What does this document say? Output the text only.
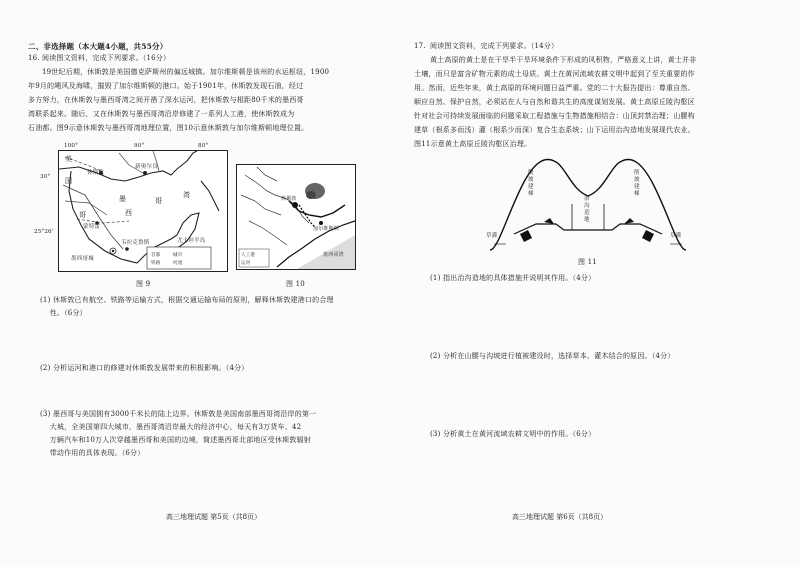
二、非选择题（本大题4小题，共55分）
16. 阅读图文资料，完成下列要求。（16分）
19世纪后期，休斯敦是美国德克萨斯州的偏远城镇。加尔维斯顿是该州的水运枢纽，1900
年9月的飓风及海啸，摧毁了加尔维斯顿的港口。始于1901年，休斯敦发现石油，经过
多方努力，在休斯敦与墨西哥湾之间开凿了深水运河，把休斯敦与相距80千米的墨西哥
湾联系起来。随后，又在休斯敦与墨西哥湾沿岸修建了一系列人工港，使休斯敦成为
石油都。图9示意休斯敦与墨西哥湾地理位置，图10示意休斯敦与加尔维斯顿地理位置。
100°	90°	80°
30°
25°26'
休斯敦
新奥尔良
墨
西
哥
湾
美
国
哥
蒙特雷
尤卡坦半岛
墨西哥城
韦拉克鲁斯
首都	城市
铁路	河流
图 9
休斯敦
加尔维斯顿
墨西哥湾
人工港
运河
图 10
(1) 休斯敦已有航空、铁路等运输方式，根据交通运输布局的原则，解释休斯敦建港口的合理
性。（6分）
(2) 分析运河和港口的修建对休斯敦发展带来的积极影响。（4分）
(3) 墨西哥与美国拥有3000千米长的陆上边界。休斯敦是美国南部墨西哥湾沿岸的第一
大城，全美国第四大城市，墨西哥湾沿岸最大的经济中心，每天有3万货车、42
万辆汽车和10万人次穿越墨西哥和美国的边境，简述墨西哥北部地区受休斯敦辐射
带动作用的具体表现。（6分）
高三地理试题 第5页（共8页）
17. 阅读图文资料，完成下列要求。（14分）
黄土高原的黄土是在干旱半干旱环境条件下形成的风积物，严格意义上讲，黄土并非
土壤，而只是富含矿物元素的成土母质。黄土在黄河流域农耕文明中起到了至关重要的作
用。然而，近些年来，黄土高原的环境问题日益严重。党的二十大报告提出：尊重自然、
顺应自然、保护自然，必须站在人与自然和谐共生的高度谋划发展。黄土高原丘陵沟壑区
针对社会可持续发展面临的问题采取工程措施与生物措施相结合：山顶封禁治理；山腰构
建草（根系多而浅）灌（根系少而深）复合生态系统；山下运用治沟造地发展现代农业。
图11示意黄土高原丘陵沟壑区治理。
削坡建梯
治沟造地
削坡建梯
草灌	草灌
图 11
(1) 指出治沟造地的具体措施并说明其作用。（4分）
(2) 分析在山腰与沟坡进行植被建设时，选择草本、灌木结合的原因。（4分）
(3) 分析黄土在黄河流域农耕文明中的作用。（6分）
高三地理试题 第6页（共8页）
